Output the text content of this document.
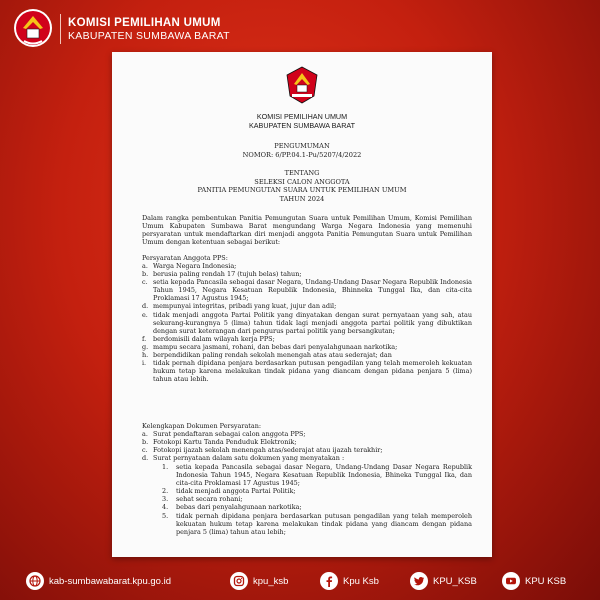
KOMISI PEMILIHAN UMUM
KABUPATEN SUMBAWA BARAT
KOMISI PEMILIHAN UMUM
KABUPATEN SUMBAWA BARAT
PENGUMUMAN
NOMOR: 6/PP.04.1-Pu/5207/4/2022
TENTANG
SELEKSI CALON ANGGOTA
PANITIA PEMUNGUTAN SUARA UNTUK PEMILIHAN UMUM
TAHUN 2024
Dalam rangka pembentukan Panitia Pemungutan Suara untuk Pemilihan Umum, Komisi Pemilihan Umum Kabupaten Sumbawa Barat mengundang Warga Negara Indonesia yang memenuhi persyaratan untuk mendaftarkan diri menjadi anggota Panitia Pemungutan Suara untuk Pemilihan Umum dengan ketentuan sebagai berikut:
Persyaratan Anggota PPS:
a. Warga Negara Indonesia;
b. berusia paling rendah 17 (tujuh belas) tahun;
c. setia kepada Pancasila sebagai dasar Negara, Undang-Undang Dasar Negara Republik Indonesia Tahun 1945, Negara Kesatuan Republik Indonesia, Bhinneka Tunggal Ika, dan cita-cita Proklamasi 17 Agustus 1945;
d. mempunyai integritas, pribadi yang kuat, jujur dan adil;
e. tidak menjadi anggota Partai Politik yang dinyatakan dengan surat pernyataan yang sah, atau sekurang-kurangnya 5 (lima) tahun tidak lagi menjadi anggota partai politik yang dibuktikan dengan surat keterangan dari pengurus partai politik yang bersangkutan;
f.	berdomisili dalam wilayah kerja PPS;
g. mampu secara jasmani, rohani, dan bebas dari penyalahgunaan narkotika;
h. berpendidikan paling rendah sekolah menengah atas atau sederajat; dan
i.	tidak pernah dipidana penjara berdasarkan putusan pengadilan yang telah memeroleh kekuatan hukum tetap karena melakukan tindak pidana yang diancam dengan pidana penjara 5 (lima) tahun atau lebih.
Kelengkapan Dokumen Persyaratan:
a. Surat pendaftaran sebagai calon anggota PPS;
b. Fotokopi Kartu Tanda Penduduk Elektronik;
c. Fotokopi ijazah sekolah menengah atas/sederajat atau ijazah terakhir;
d. Surat pernyataan dalam satu dokumen yang menyatakan :
1.	setia kepada Pancasila sebagai dasar Negara, Undang-Undang Dasar Negara Republik Indonesia Tahun 1945, Negara Kesatuan Republik Indonesia, Bhineka Tunggal Ika, dan cita-cita Proklamasi 17 Agustus 1945;
2.	tidak menjadi anggota Partai Politik;
3.	sehat secara rohani;
4.	bebas dari penyalahgunaan narkotika;
5.	tidak pernah dipidana penjara berdasarkan putusan pengadilan yang telah memperoleh kekuatan hukum tetap karena melakukan tindak pidana yang diancam dengan pidana penjara 5 (lima) tahun atau lebih;
kab-sumbawabarat.kpu.go.id	kpu_ksb	Kpu Ksb	KPU_KSB	KPU KSB
